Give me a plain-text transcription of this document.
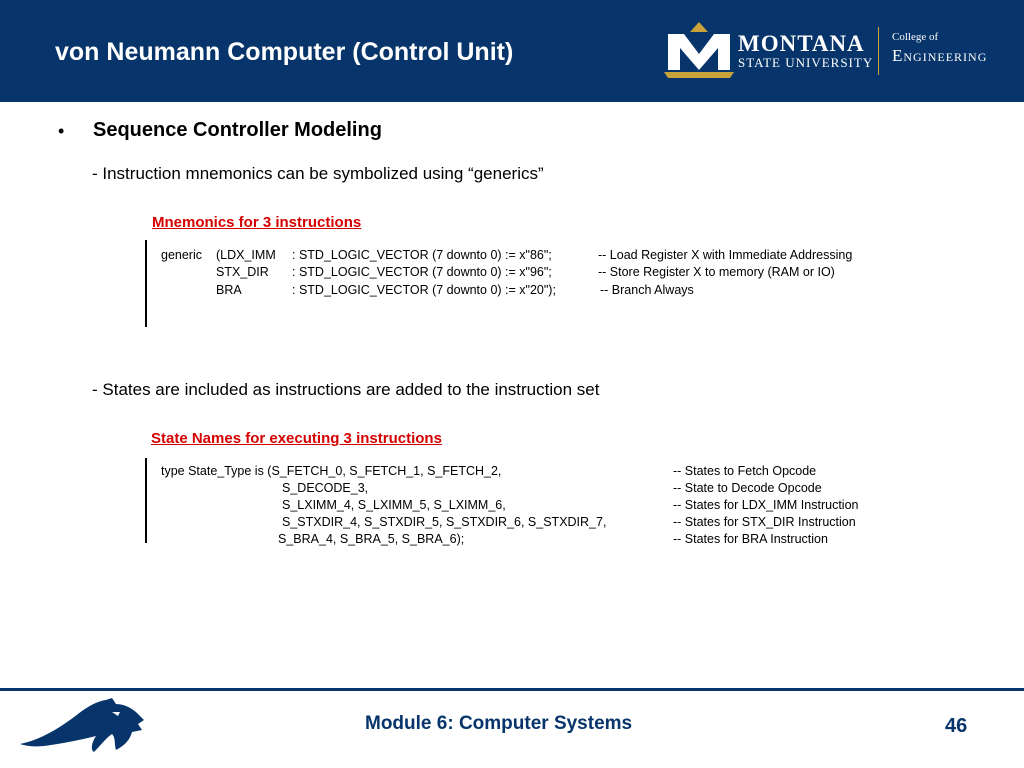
von Neumann Computer (Control Unit)	MONTANA
STATE UNIVERSITY
College of
Engineering
• Sequence Controller Modeling
- Instruction mnemonics can be symbolized using “generics”
Mnemonics for 3 instructions
generic (LDX_IMM : STD_LOGIC_VECTOR (7 downto 0) := x"86";	-- Load Register X with Immediate Addressing
STX_DIR : STD_LOGIC_VECTOR (7 downto 0) := x"96";	-- Store Register X to memory (RAM or IO)
BRA	: STD_LOGIC_VECTOR (7 downto 0) := x"20");	-- Branch Always
- States are included as instructions are added to the instruction set
State Names for executing 3 instructions
type State_Type is (S_FETCH_0, S_FETCH_1, S_FETCH_2,	-- States to Fetch Opcode
S_DECODE_3,	-- State to Decode Opcode
S_LXIMM_4, S_LXIMM_5, S_LXIMM_6,	-- States for LDX_IMM Instruction
S_STXDIR_4, S_STXDIR_5, S_STXDIR_6, S_STXDIR_7,	-- States for STX_DIR Instruction
S_BRA_4, S_BRA_5, S_BRA_6);	-- States for BRA Instruction
Module 6: Computer Systems	46
